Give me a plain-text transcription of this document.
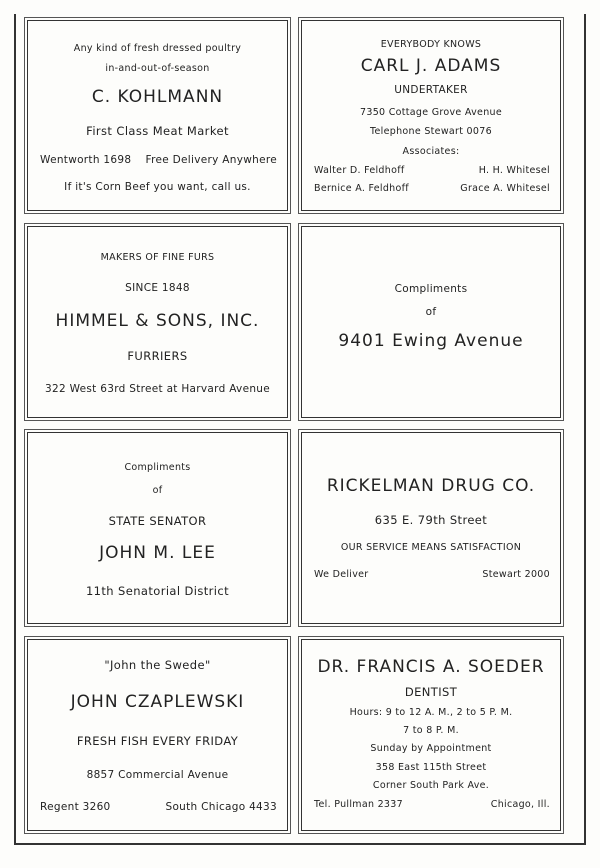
Any kind of fresh dressed poultry
in-and-out-of-season
C. KOHLMANN
First Class Meat Market
Wentworth 1698 Free Delivery Anywhere
If it's Corn Beef you want, call us.
EVERYBODY KNOWS
CARL J. ADAMS
UNDERTAKER
7350 Cottage Grove Avenue
Telephone Stewart 0076
Associates:
Walter D. Feldhoff	H. H. Whitesel
Bernice A. Feldhoff	Grace A. Whitesel
MAKERS OF FINE FURS
SINCE 1848
HIMMEL & SONS, INC.
FURRIERS
322 West 63rd Street at Harvard Avenue
Compliments
of
9401 Ewing Avenue
Compliments
of
STATE SENATOR
JOHN M. LEE
11th Senatorial District
RICKELMAN DRUG CO.
635 E. 79th Street
OUR SERVICE MEANS SATISFACTION
We Deliver	Stewart 2000
"John the Swede"
JOHN CZAPLEWSKI
FRESH FISH EVERY FRIDAY
8857 Commercial Avenue
Regent 3260	South Chicago 4433
DR. FRANCIS A. SOEDER
DENTIST
Hours: 9 to 12 A. M., 2 to 5 P. M.
7 to 8 P. M.
Sunday by Appointment
358 East 115th Street
Corner South Park Ave.
Tel. Pullman 2337	Chicago, Ill.
